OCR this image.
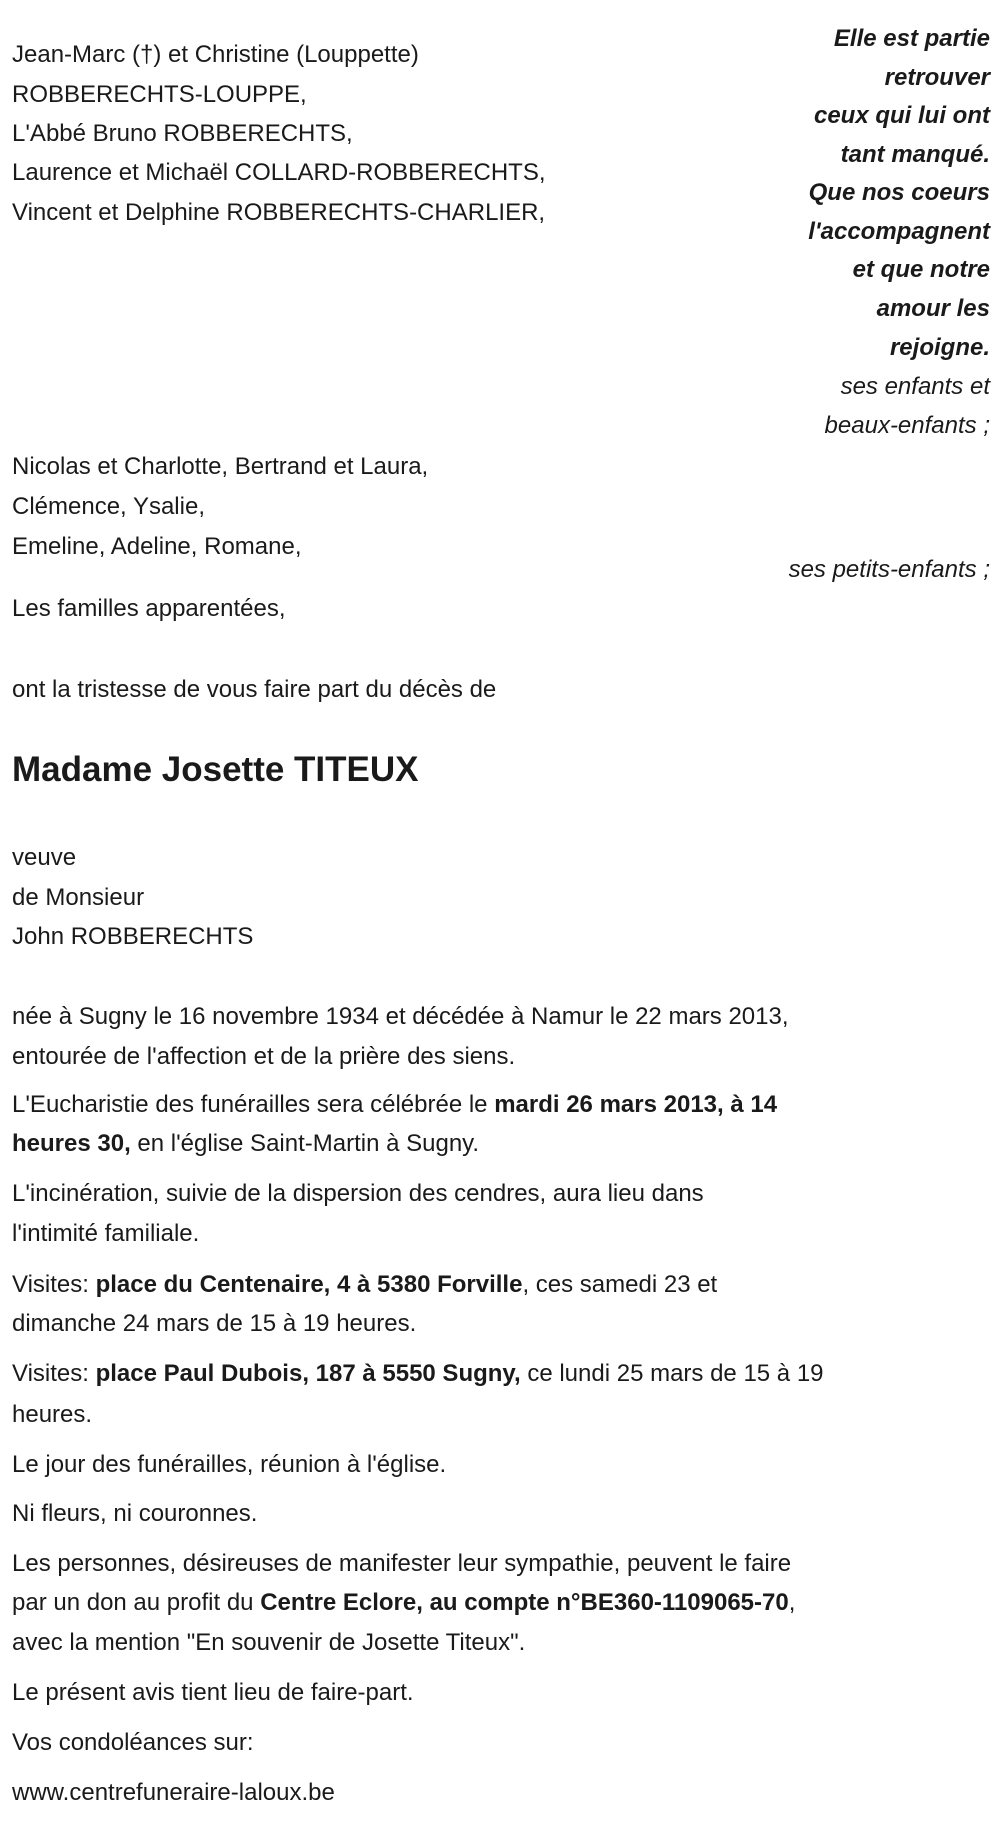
Jean-Marc (†) et Christine (Louppette)
ROBBERECHTS-LOUPPE,
L'Abbé Bruno ROBBERECHTS,
Laurence et Michaël COLLARD-ROBBERECHTS,
Vincent et Delphine ROBBERECHTS-CHARLIER,
Elle est partie
retrouver
ceux qui lui ont
tant manqué.
Que nos coeurs
l'accompagnent
et que notre
amour les
rejoigne.
ses enfants et
beaux-enfants ;
Nicolas et Charlotte, Bertrand et Laura,
Clémence, Ysalie,
Emeline, Adeline, Romane,
ses petits-enfants ;
Les familles apparentées,
ont la tristesse de vous faire part du décès de
Madame Josette TITEUX
veuve
de Monsieur
John ROBBERECHTS
née à Sugny le 16 novembre 1934 et décédée à Namur le 22 mars 2013,
entourée de l'affection et de la prière des siens.
L'Eucharistie des funérailles sera célébrée le mardi 26 mars 2013, à 14
heures 30, en l'église Saint-Martin à Sugny.
L'incinération, suivie de la dispersion des cendres, aura lieu dans
l'intimité familiale.
Visites: place du Centenaire, 4 à 5380 Forville, ces samedi 23 et
dimanche 24 mars de 15 à 19 heures.
Visites: place Paul Dubois, 187 à 5550 Sugny, ce lundi 25 mars de 15 à 19
heures.
Le jour des funérailles, réunion à l'église.
Ni fleurs, ni couronnes.
Les personnes, désireuses de manifester leur sympathie, peuvent le faire
par un don au profit du Centre Eclore, au compte n°BE360-1109065-70,
avec la mention "En souvenir de Josette Titeux".
Le présent avis tient lieu de faire-part.
Vos condoléances sur:
www.centrefuneraire-laloux.be
